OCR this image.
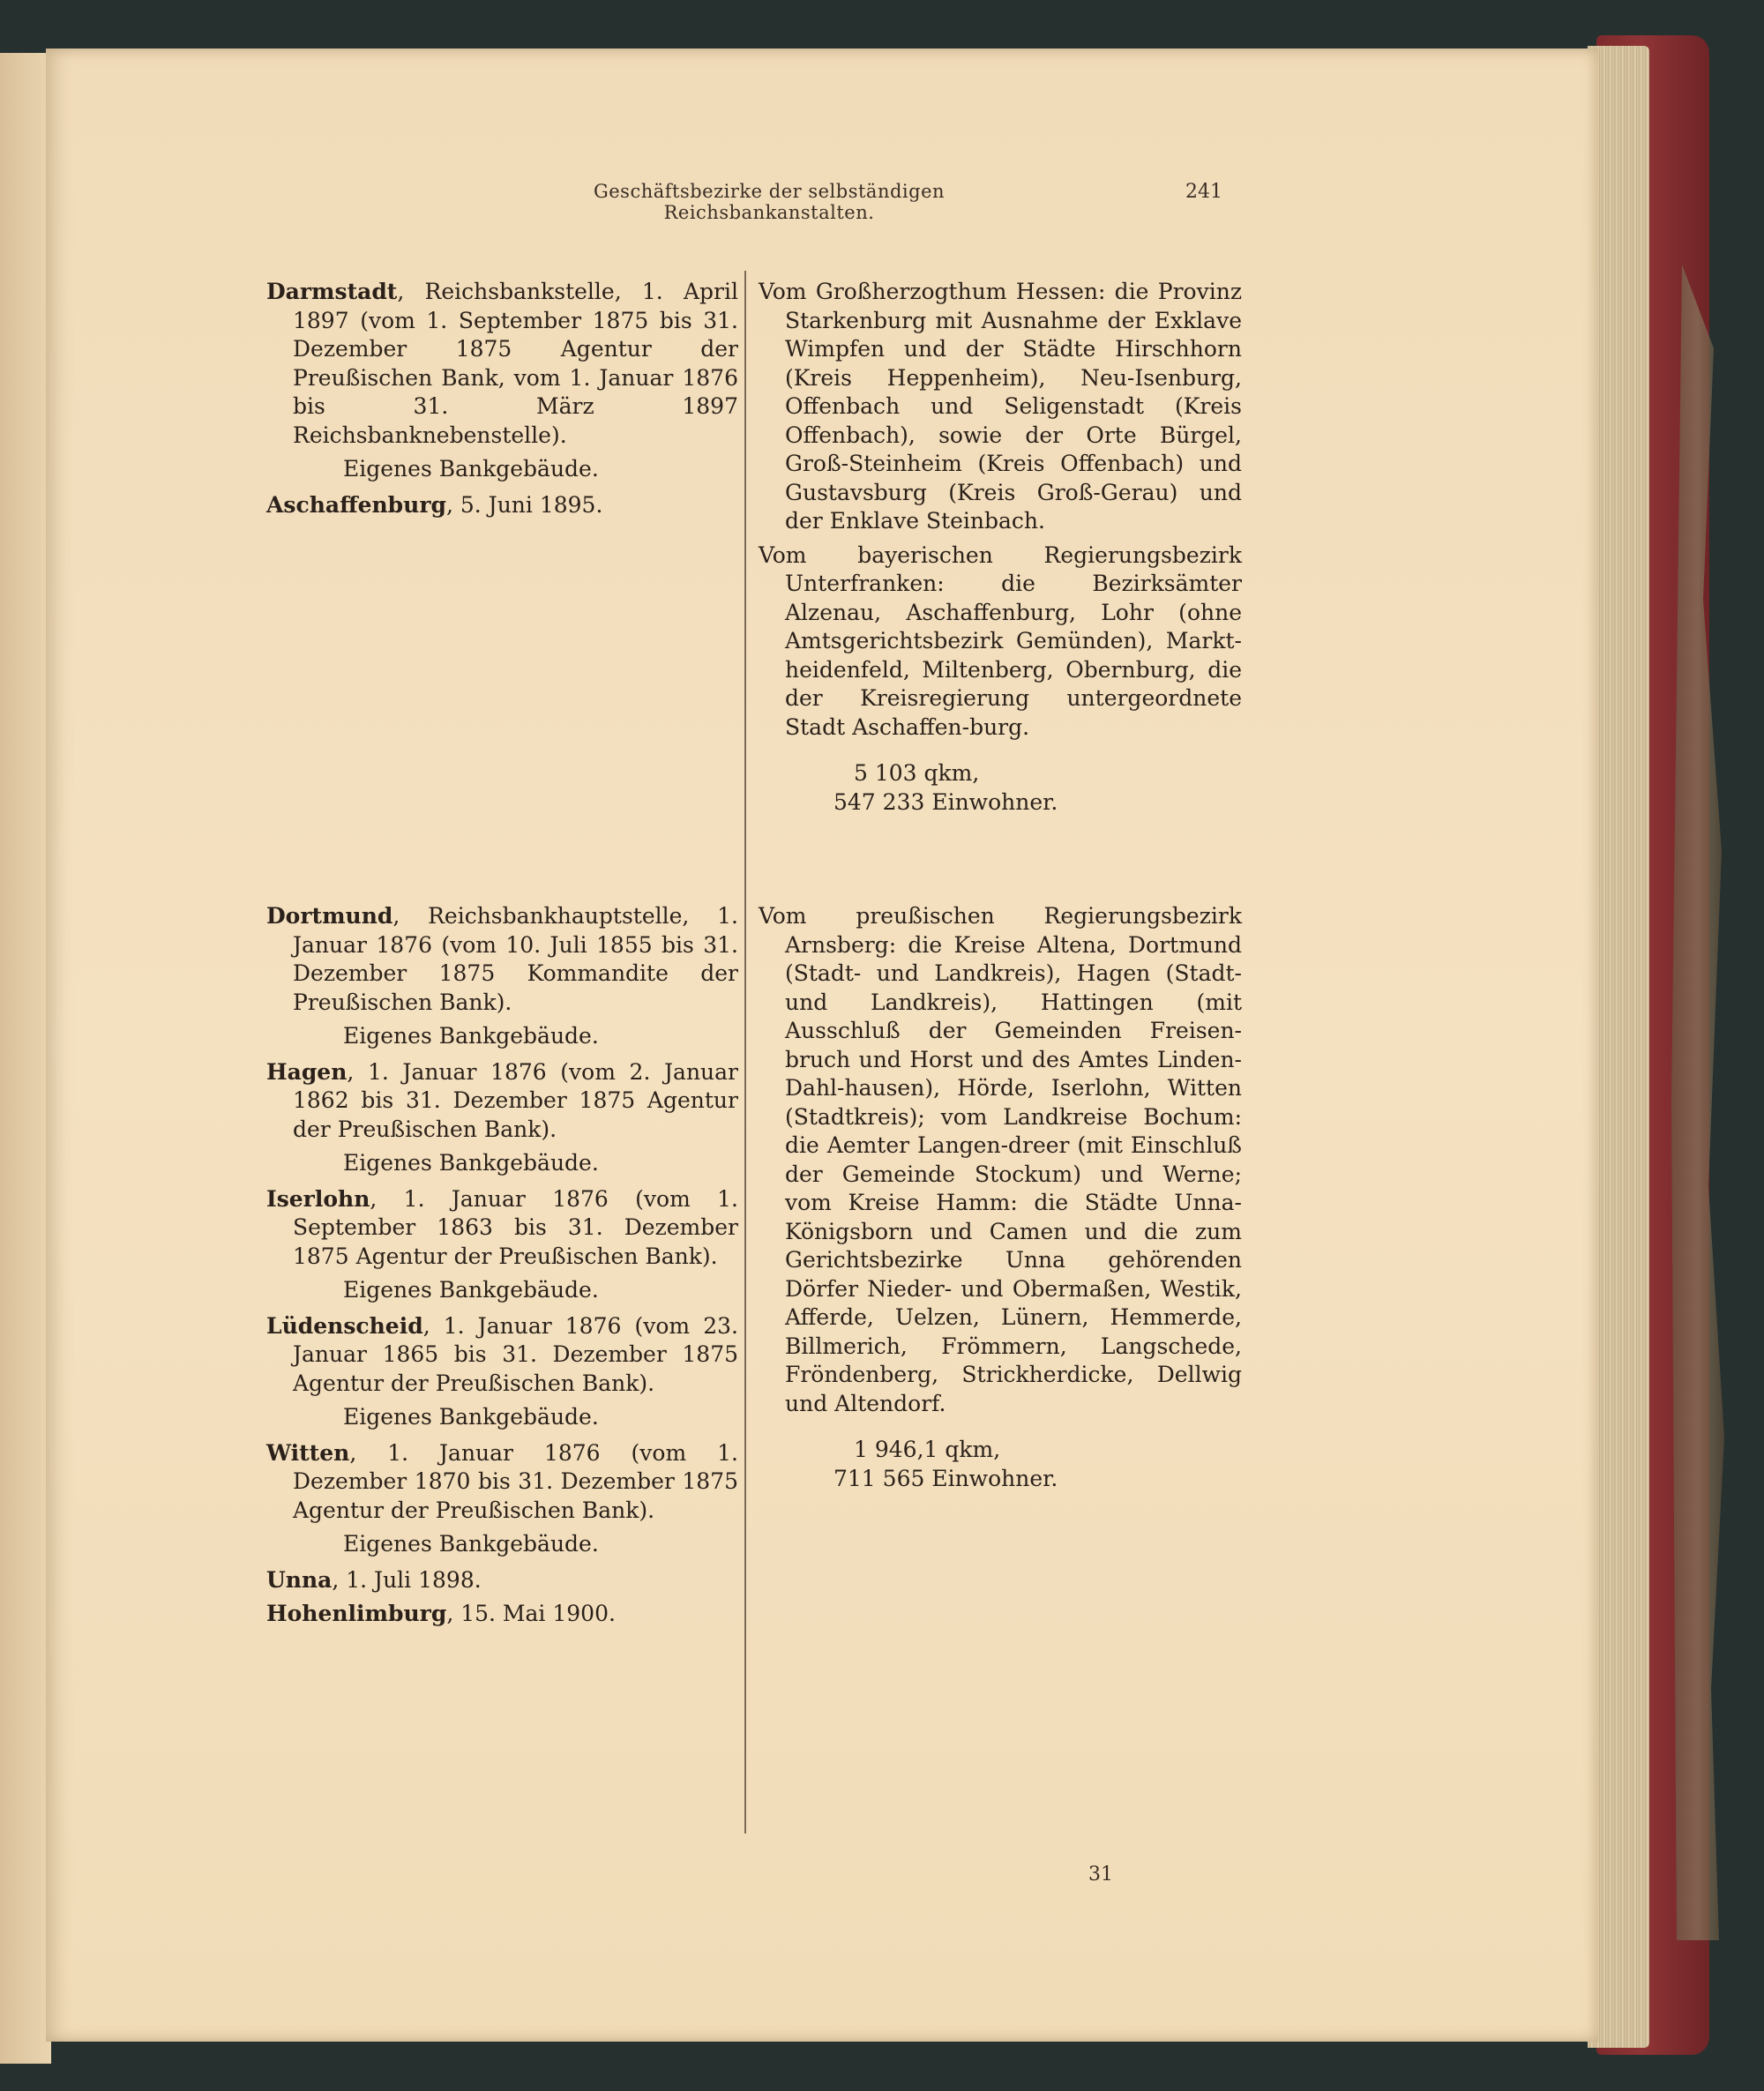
Geschäftsbezirke der selbständigen Reichsbankanstalten.
241

Darmstadt, Reichsbankstelle, 1. April 1897 (vom 1. September 1875 bis 31. Dezember 1875 Agentur der Preußischen Bank, vom 1. Januar 1876 bis 31. März 1897 Reichsbanknebenstelle).

Eigenes Bankgebäude.

Aschaffenburg, 5. Juni 1895.

Vom Großherzogthum Hessen: die Provinz Starkenburg mit Ausnahme der Exklave Wimpfen und der Städte Hirschhorn (Kreis Heppenheim), Neu-Isenburg, Offenbach und Seligenstadt (Kreis Offenbach), sowie der Orte Bürgel, Groß-Steinheim (Kreis Offenbach) und Gustavsburg (Kreis Groß-Gerau) und der Enklave Steinbach.

Vom bayerischen Regierungsbezirk Unterfranken: die Bezirksämter Alzenau, Aschaffenburg, Lohr (ohne Amtsgerichtsbezirk Gemünden), Markt-heidenfeld, Miltenberg, Obernburg, die der Kreisregierung untergeordnete Stadt Aschaffen-burg.

5 103 qkm,
547 233 Einwohner.

Dortmund, Reichsbankhauptstelle, 1. Januar 1876 (vom 10. Juli 1855 bis 31. Dezember 1875 Kommandite der Preußischen Bank).

Eigenes Bankgebäude.

Hagen, 1. Januar 1876 (vom 2. Januar 1862 bis 31. Dezember 1875 Agentur der Preußischen Bank).

Eigenes Bankgebäude.

Iserlohn, 1. Januar 1876 (vom 1. September 1863 bis 31. Dezember 1875 Agentur der Preußischen Bank).

Eigenes Bankgebäude.

Lüdenscheid, 1. Januar 1876 (vom 23. Januar 1865 bis 31. Dezember 1875 Agentur der Preußischen Bank).

Eigenes Bankgebäude.

Witten, 1. Januar 1876 (vom 1. Dezember 1870 bis 31. Dezember 1875 Agentur der Preußischen Bank).

Eigenes Bankgebäude.

Unna, 1. Juli 1898.

Hohenlimburg, 15. Mai 1900.

Vom preußischen Regierungsbezirk Arnsberg: die Kreise Altena, Dortmund (Stadt- und Landkreis), Hagen (Stadt- und Landkreis), Hattingen (mit Ausschluß der Gemeinden Freisen-bruch und Horst und des Amtes Linden-Dahl-hausen), Hörde, Iserlohn, Witten (Stadtkreis); vom Landkreise Bochum: die Aemter Langen-dreer (mit Einschluß der Gemeinde Stockum) und Werne; vom Kreise Hamm: die Städte Unna-Königsborn und Camen und die zum Gerichtsbezirke Unna gehörenden Dörfer Nieder- und Obermaßen, Westik, Afferde, Uelzen, Lünern, Hemmerde, Billmerich, Frömmern, Langschede, Fröndenberg, Strickherdicke, Dellwig und Altendorf.

1 946,1 qkm,
711 565 Einwohner.
31
